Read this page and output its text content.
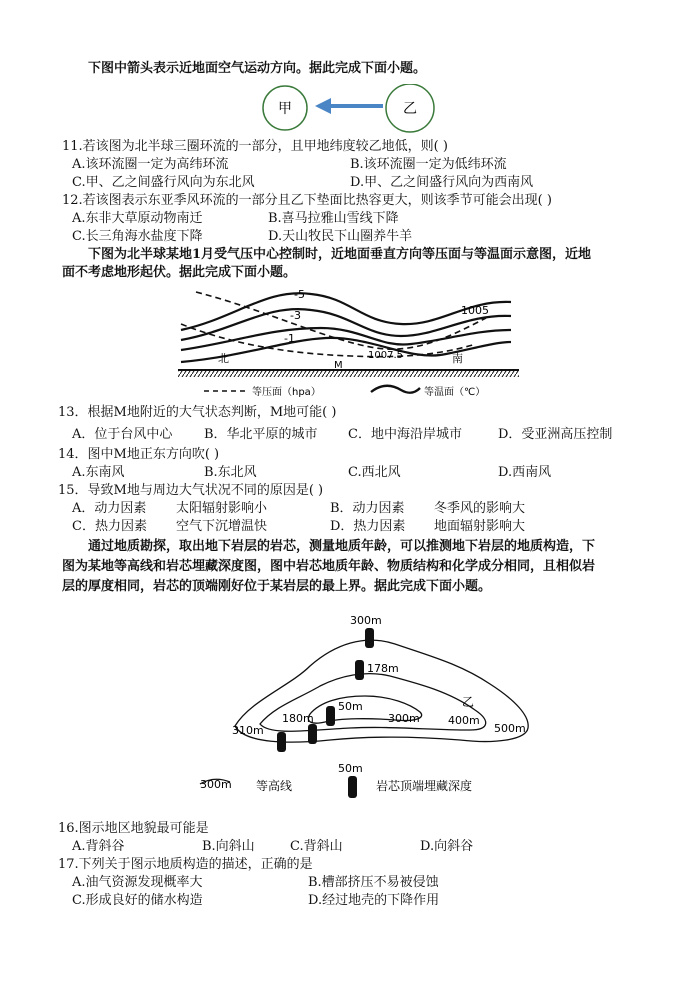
下图中箭头表示近地面空气运动方向。据此完成下面小题。
甲	乙
11.若该图为北半球三圈环流的一部分，且甲地纬度较乙地低，则( )
A.该环流圈一定为高纬环流	B.该环流圈一定为低纬环流
C.甲、乙之间盛行风向为东北风	D.甲、乙之间盛行风向为西南风
12.若该图表示东亚季风环流的一部分且乙下垫面比热容更大，则该季节可能会出现( )
A.东非大草原动物南迁	B.喜马拉雅山雪线下降
C.长三角海水盐度下降	D.天山牧民下山圈养牛羊
下图为北半球某地1月受气压中心控制时，近地面垂直方向等压面与等温面示意图，近地
面不考虑地形起伏。据此完成下面小题。
-5
-3
-1
1005
1007.5
北
M
南
等压面（hpa）	等温面（℃）
13．根据M地附近的大气状态判断，M地可能( )
A．位于台风中心 B．华北平原的城市 C．地中海沿岸城市	D．受亚洲高压控制
14．图中M地正东方向吹( )
A.东南风	B.东北风	C.西北风	D.西南风
15．导致M地与周边大气状况不同的原因是( )
A．动力因素 太阳辐射影响小	B．动力因素 冬季风的影响大
C．热力因素 空气下沉增温快	D．热力因素 地面辐射影响大
通过地质勘探，取出地下岩层的岩芯，测量地质年龄，可以推测地下岩层的地质构造，下
图为某地等高线和岩芯埋藏深度图，图中岩芯地质年龄、物质结构和化学成分相同，且相似岩
层的厚度相同，岩芯的顶端刚好位于某岩层的最上界。据此完成下面小题。
300m
178m
50m
180m	300m
乙
400m
310m	500m
50m
300m 等高线	岩芯顶端埋藏深度
16.图示地区地貌最可能是
A.背斜谷	B.向斜山	C.背斜山	D.向斜谷
17.下列关于图示地质构造的描述，正确的是
A.油气资源发现概率大	B.槽部挤压不易被侵蚀
C.形成良好的储水构造	D.经过地壳的下降作用
